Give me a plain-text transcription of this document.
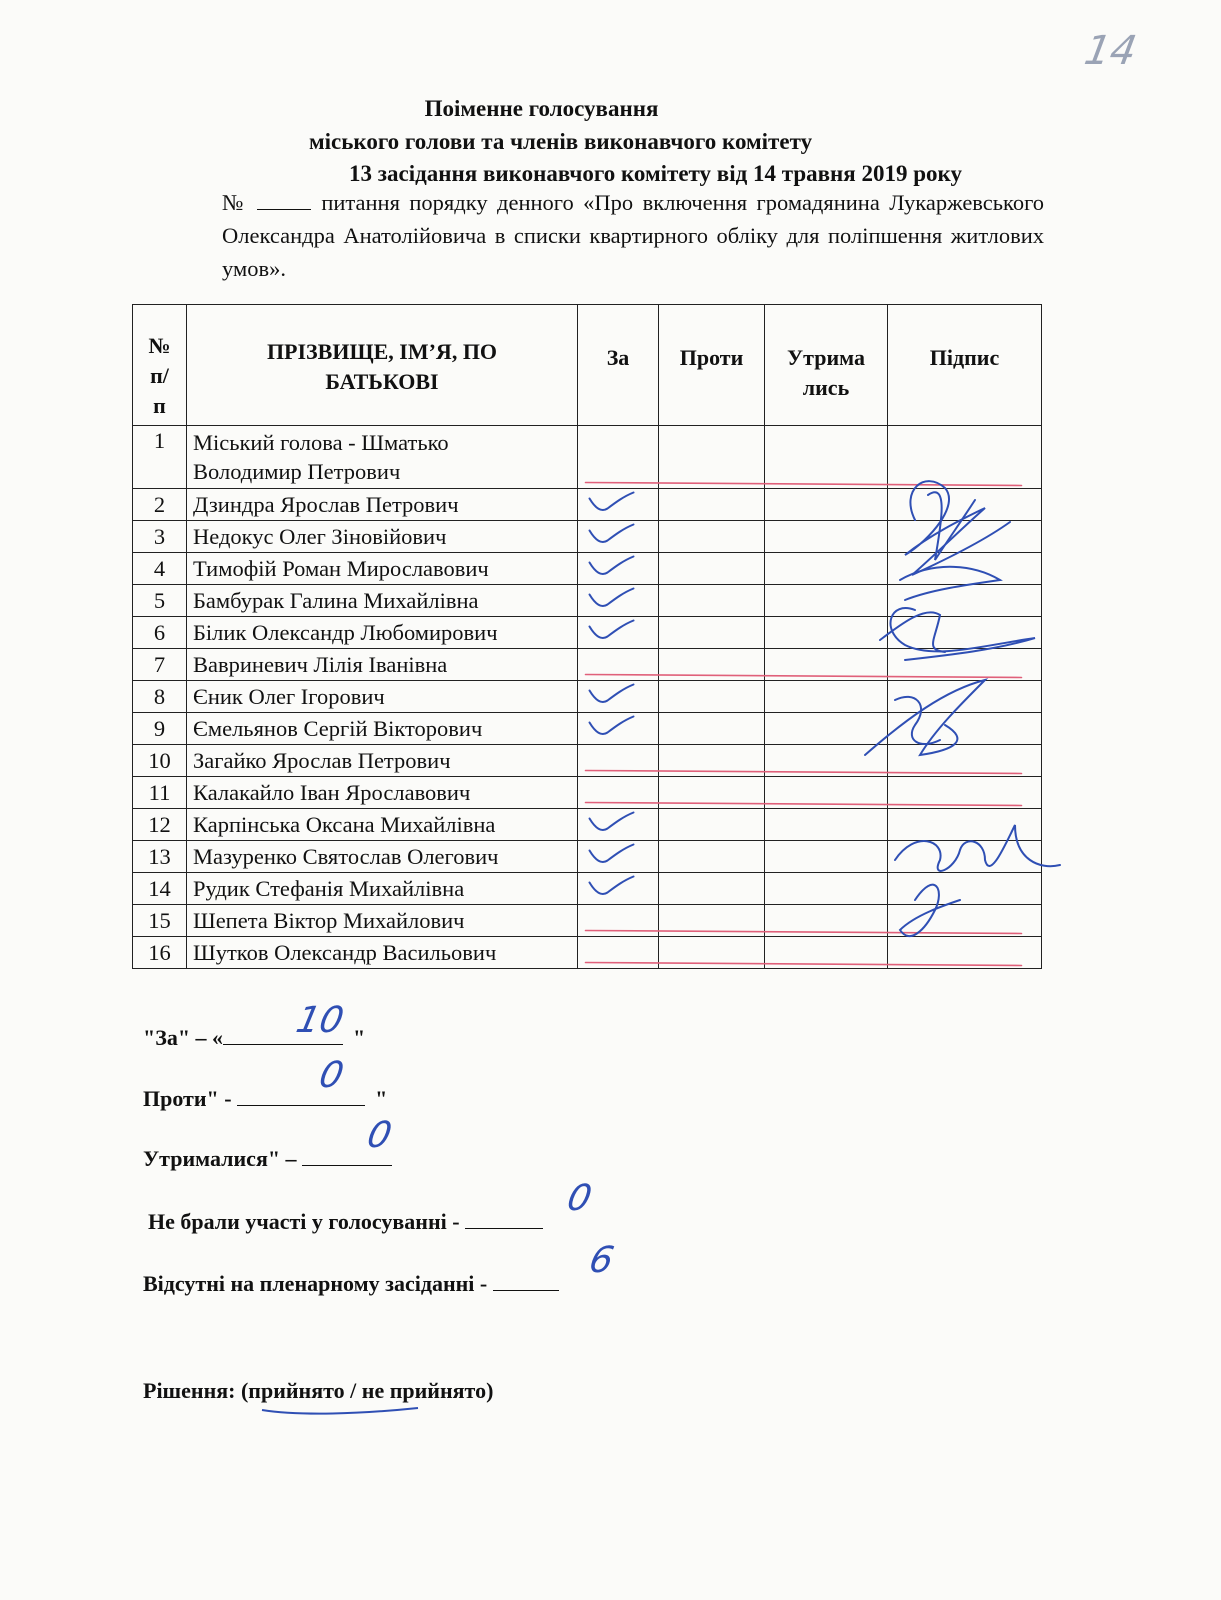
14
Поіменне голосування
міського голови та членів виконавчого комітету
13 засідання виконавчого комітету від 14 травня 2019 року
№	питання порядку денного «Про включення громадянина Лукаржевського Олександра Анатолійовича в списки квартирного обліку для поліпшення житлових умов».
№ п/п	ПРІЗВИЩЕ, ІМ’Я, ПО БАТЬКОВІ	За	Проти	Утрима лись	Підпис
1	Міський голова - Шматько
Володимир Петрович				

2	Дзиндра Ярослав Петрович				
3	Недокус Олег Зіновійович				
4	Тимофій Роман Мирославович				
5	Бамбурак Галина Михайлівна				
6	Білик Олександр Любомирович				
7	Вавриневич Лілія Іванівна				
8	Єник Олег Ігорович				
9	Ємельянов Сергій Вікторович				
10	Загайко Ярослав Петрович				
11	Калакайло Іван Ярославович				
12	Карпінська Оксана Михайлівна				
13	Мазуренко Святослав Олегович				
14	Рудик Стефанія Михайлівна				
15	Шепета Віктор Михайлович				
16	Шутков Олександр Васильович				
"За" – «	"
10
Проти" -	"
0
Утрималися" –
0
Не брали участі у голосуванні -
0
Відсутні на пленарному засіданні -
6
Рішення: (прийнято / не прийнято)
